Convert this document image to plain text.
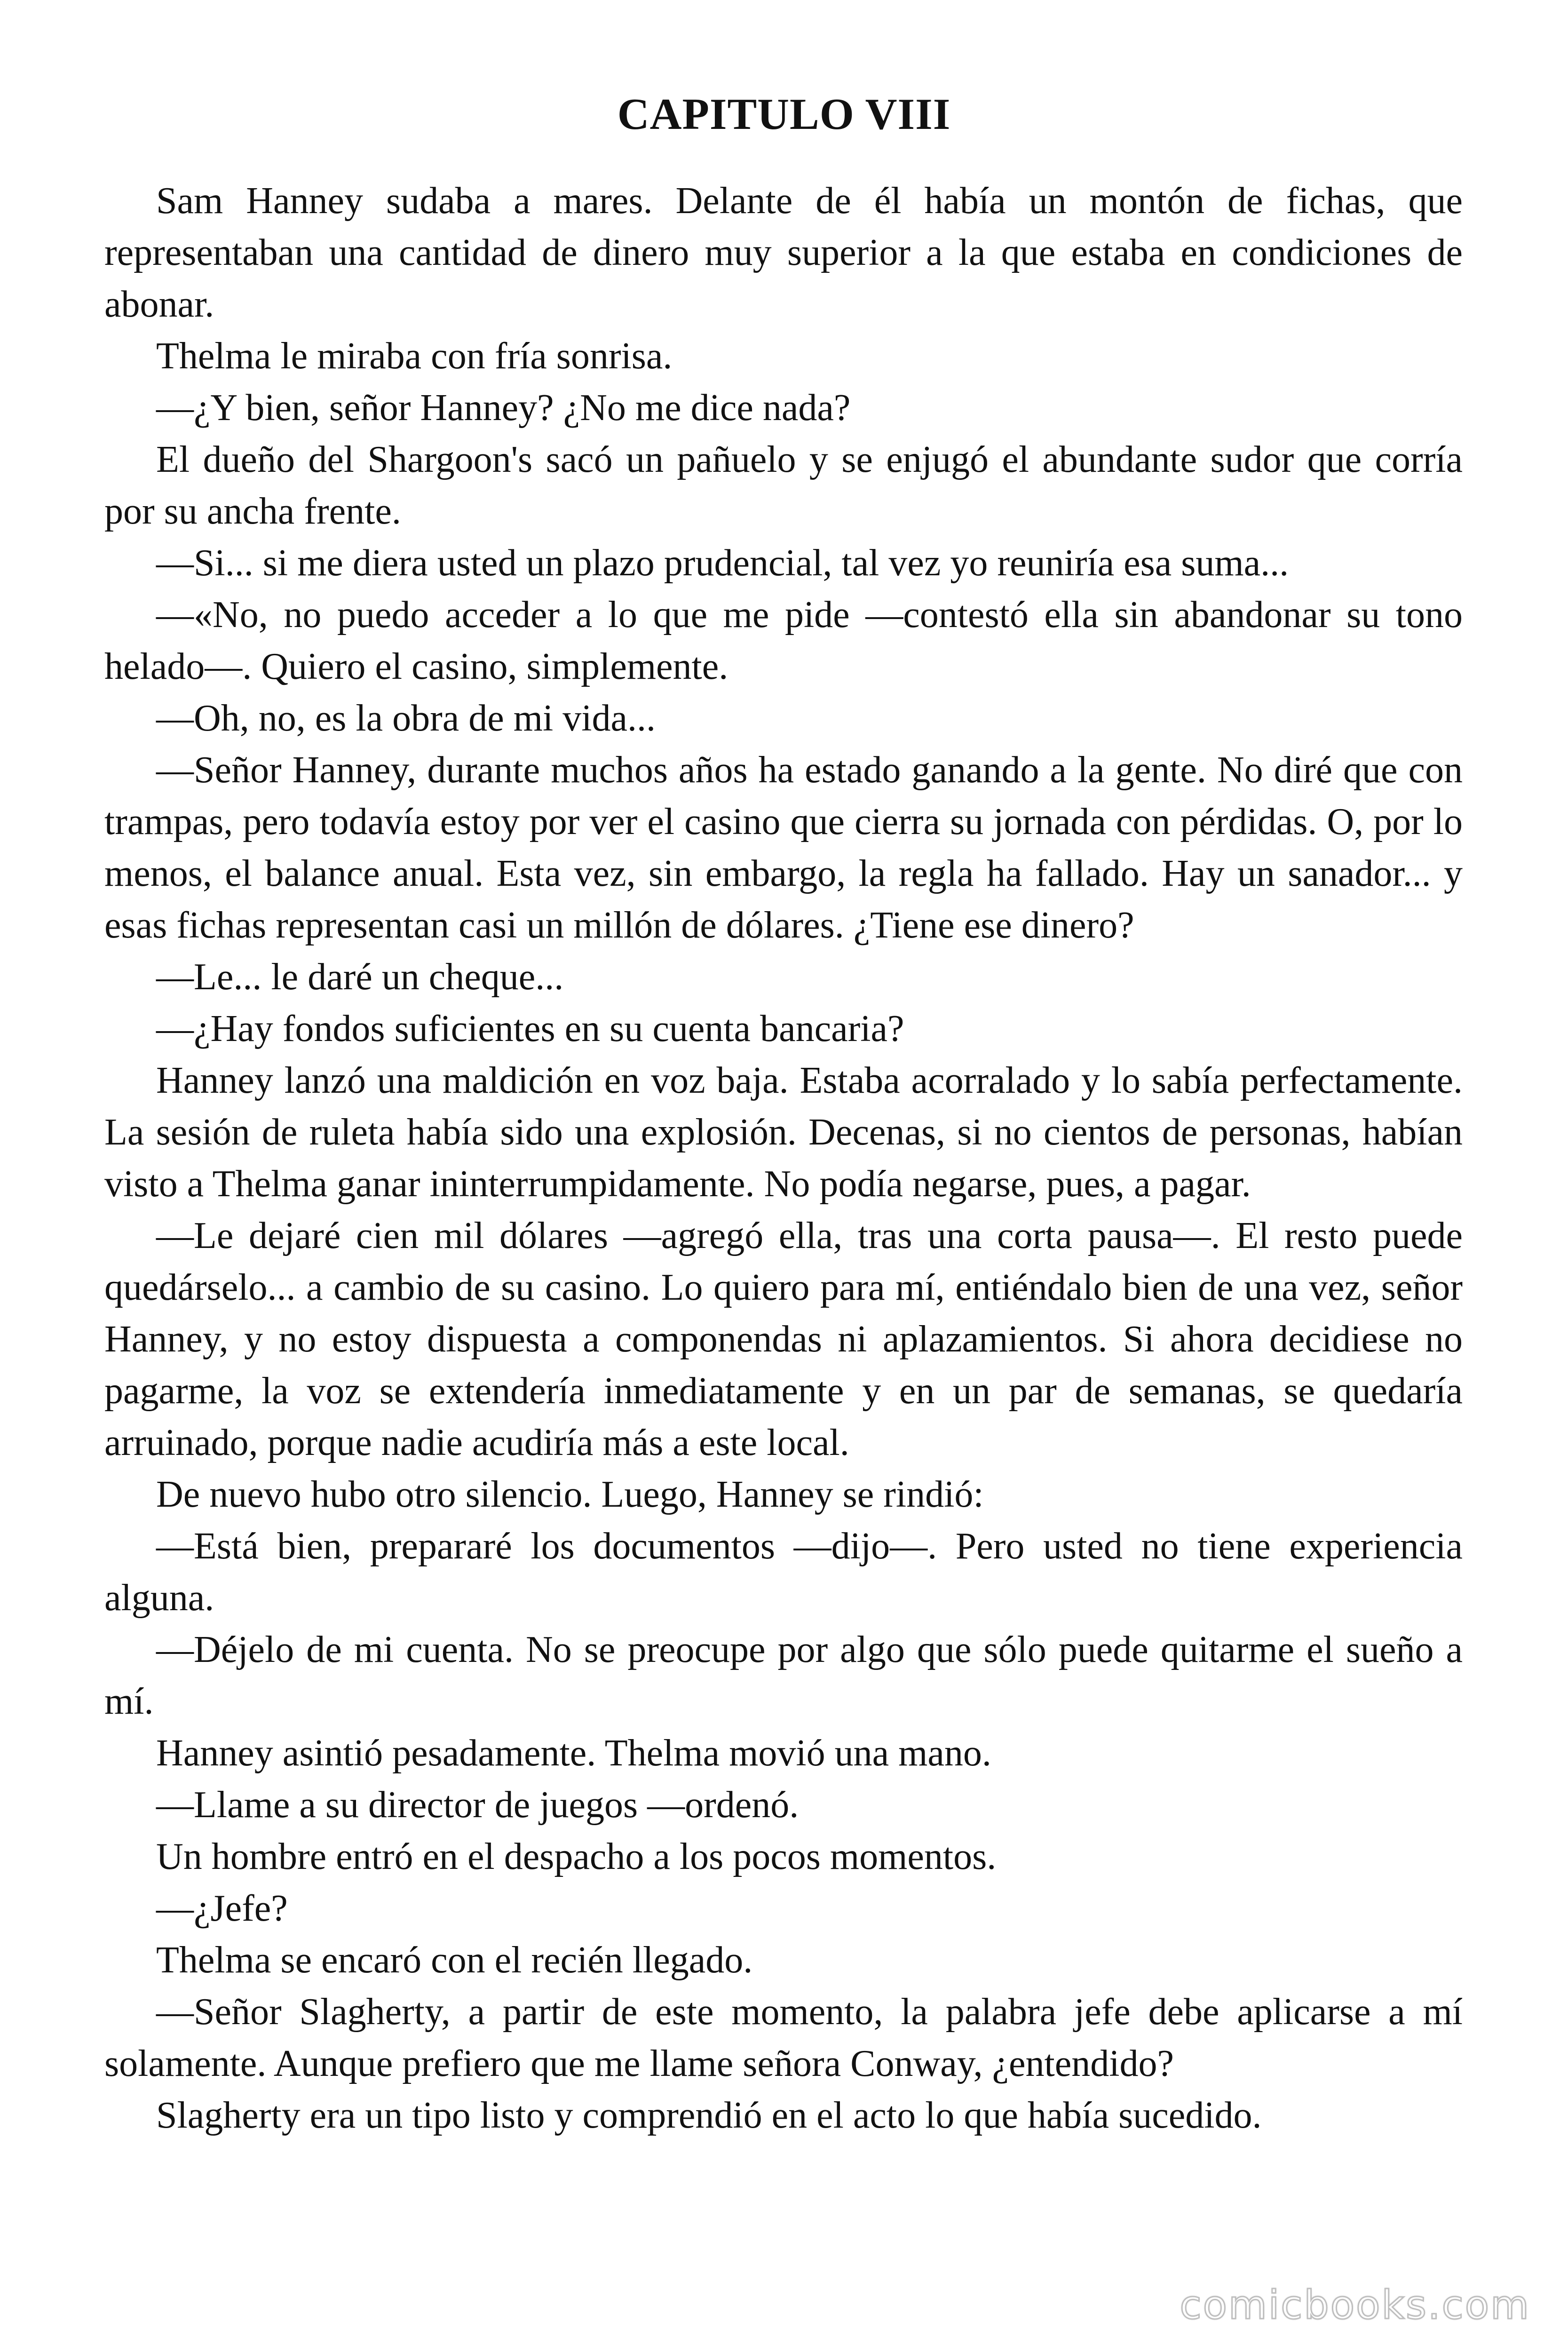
CAPITULO VIII

Sam Hanney sudaba a mares. Delante de él había un montón de fichas, que representaban una cantidad de dinero muy superior a la que estaba en condiciones de abonar.

Thelma le miraba con fría sonrisa.

—¿Y bien, señor Hanney? ¿No me dice nada?

El dueño del Shargoon's sacó un pañuelo y se enjugó el abundante sudor que corría por su ancha frente.

—Si... si me diera usted un plazo prudencial, tal vez yo reuniría esa suma...

—«No, no puedo acceder a lo que me pide —contestó ella sin abandonar su tono helado—. Quiero el casino, simplemente.

—Oh, no, es la obra de mi vida...

—Señor Hanney, durante muchos años ha estado ganando a la gente. No diré que con trampas, pero todavía estoy por ver el casino que cierra su jornada con pérdidas. O, por lo menos, el balance anual. Esta vez, sin embargo, la regla ha fallado. Hay un sanador... y esas fichas representan casi un millón de dólares. ¿Tiene ese dinero?

—Le... le daré un cheque...

—¿Hay fondos suficientes en su cuenta bancaria?

Hanney lanzó una maldición en voz baja. Estaba acorralado y lo sabía perfectamente. La sesión de ruleta había sido una explosión. Decenas, si no cientos de personas, habían visto a Thelma ganar ininterrumpidamente. No podía negarse, pues, a pagar.

—Le dejaré cien mil dólares —agregó ella, tras una corta pausa—. El resto puede quedárselo... a cambio de su casino. Lo quiero para mí, entiéndalo bien de una vez, señor Hanney, y no estoy dispuesta a componendas ni aplazamientos. Si ahora decidiese no pagarme, la voz se extendería inmediatamente y en un par de semanas, se quedaría arruinado, porque nadie acudiría más a este local.

De nuevo hubo otro silencio. Luego, Hanney se rindió:

—Está bien, prepararé los documentos —dijo—. Pero usted no tiene experiencia alguna.

—Déjelo de mi cuenta. No se preocupe por algo que sólo puede quitarme el sueño a mí.

Hanney asintió pesadamente. Thelma movió una mano.

—Llame a su director de juegos —ordenó.

Un hombre entró en el despacho a los pocos momentos.

—¿Jefe?

Thelma se encaró con el recién llegado.

—Señor Slagherty, a partir de este momento, la palabra jefe debe aplicarse a mí solamente. Aunque prefiero que me llame señora Conway, ¿entendido?

Slagherty era un tipo listo y comprendió en el acto lo que había sucedido.

comicbooks.com
